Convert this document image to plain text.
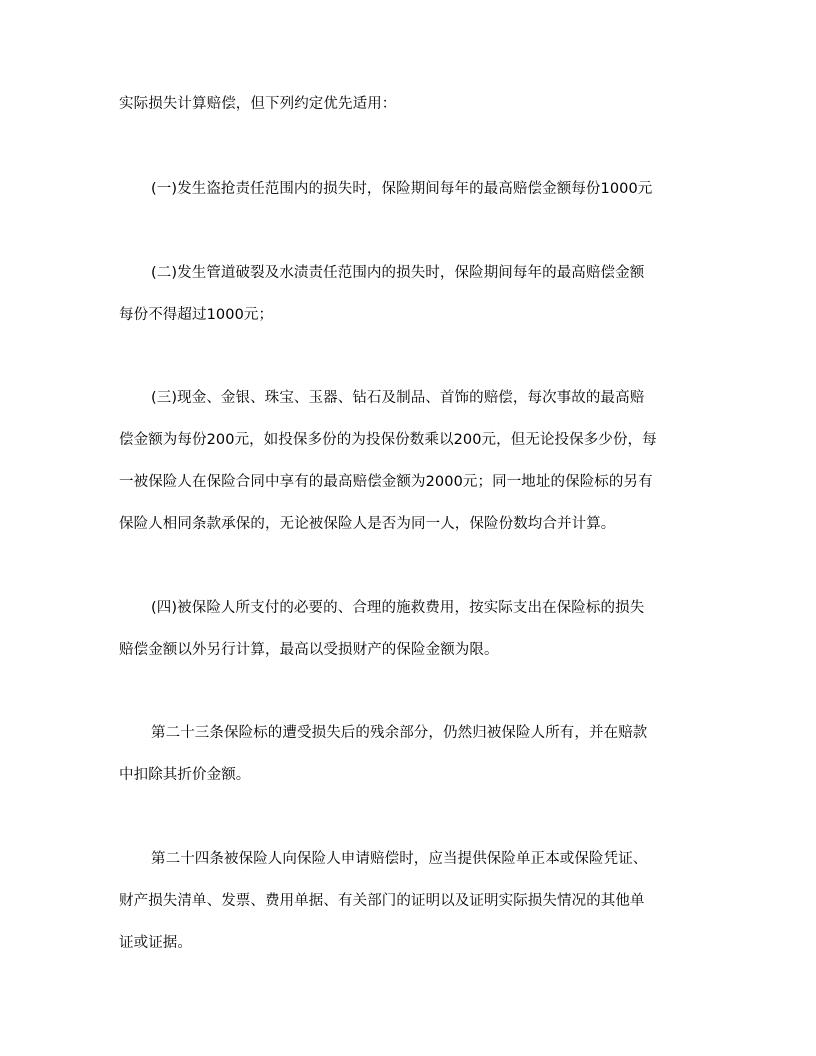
实际损失计算赔偿，但下列约定优先适用：
(一)发生盗抢责任范围内的损失时，保险期间每年的最高赔偿金额每份1000元
(二)发生管道破裂及水渍责任范围内的损失时，保险期间每年的最高赔偿金额
每份不得超过1000元；
(三)现金、金银、珠宝、玉器、钻石及制品、首饰的赔偿，每次事故的最高赔
偿金额为每份200元，如投保多份的为投保份数乘以200元，但无论投保多少份，每
一被保险人在保险合同中享有的最高赔偿金额为2000元；同一地址的保险标的另有
保险人相同条款承保的，无论被保险人是否为同一人，保险份数均合并计算。
(四)被保险人所支付的必要的、合理的施救费用，按实际支出在保险标的损失
赔偿金额以外另行计算，最高以受损财产的保险金额为限。
第二十三条保险标的遭受损失后的残余部分，仍然归被保险人所有，并在赔款
中扣除其折价金额。
第二十四条被保险人向保险人申请赔偿时，应当提供保险单正本或保险凭证、
财产损失清单、发票、费用单据、有关部门的证明以及证明实际损失情况的其他单
证或证据。
